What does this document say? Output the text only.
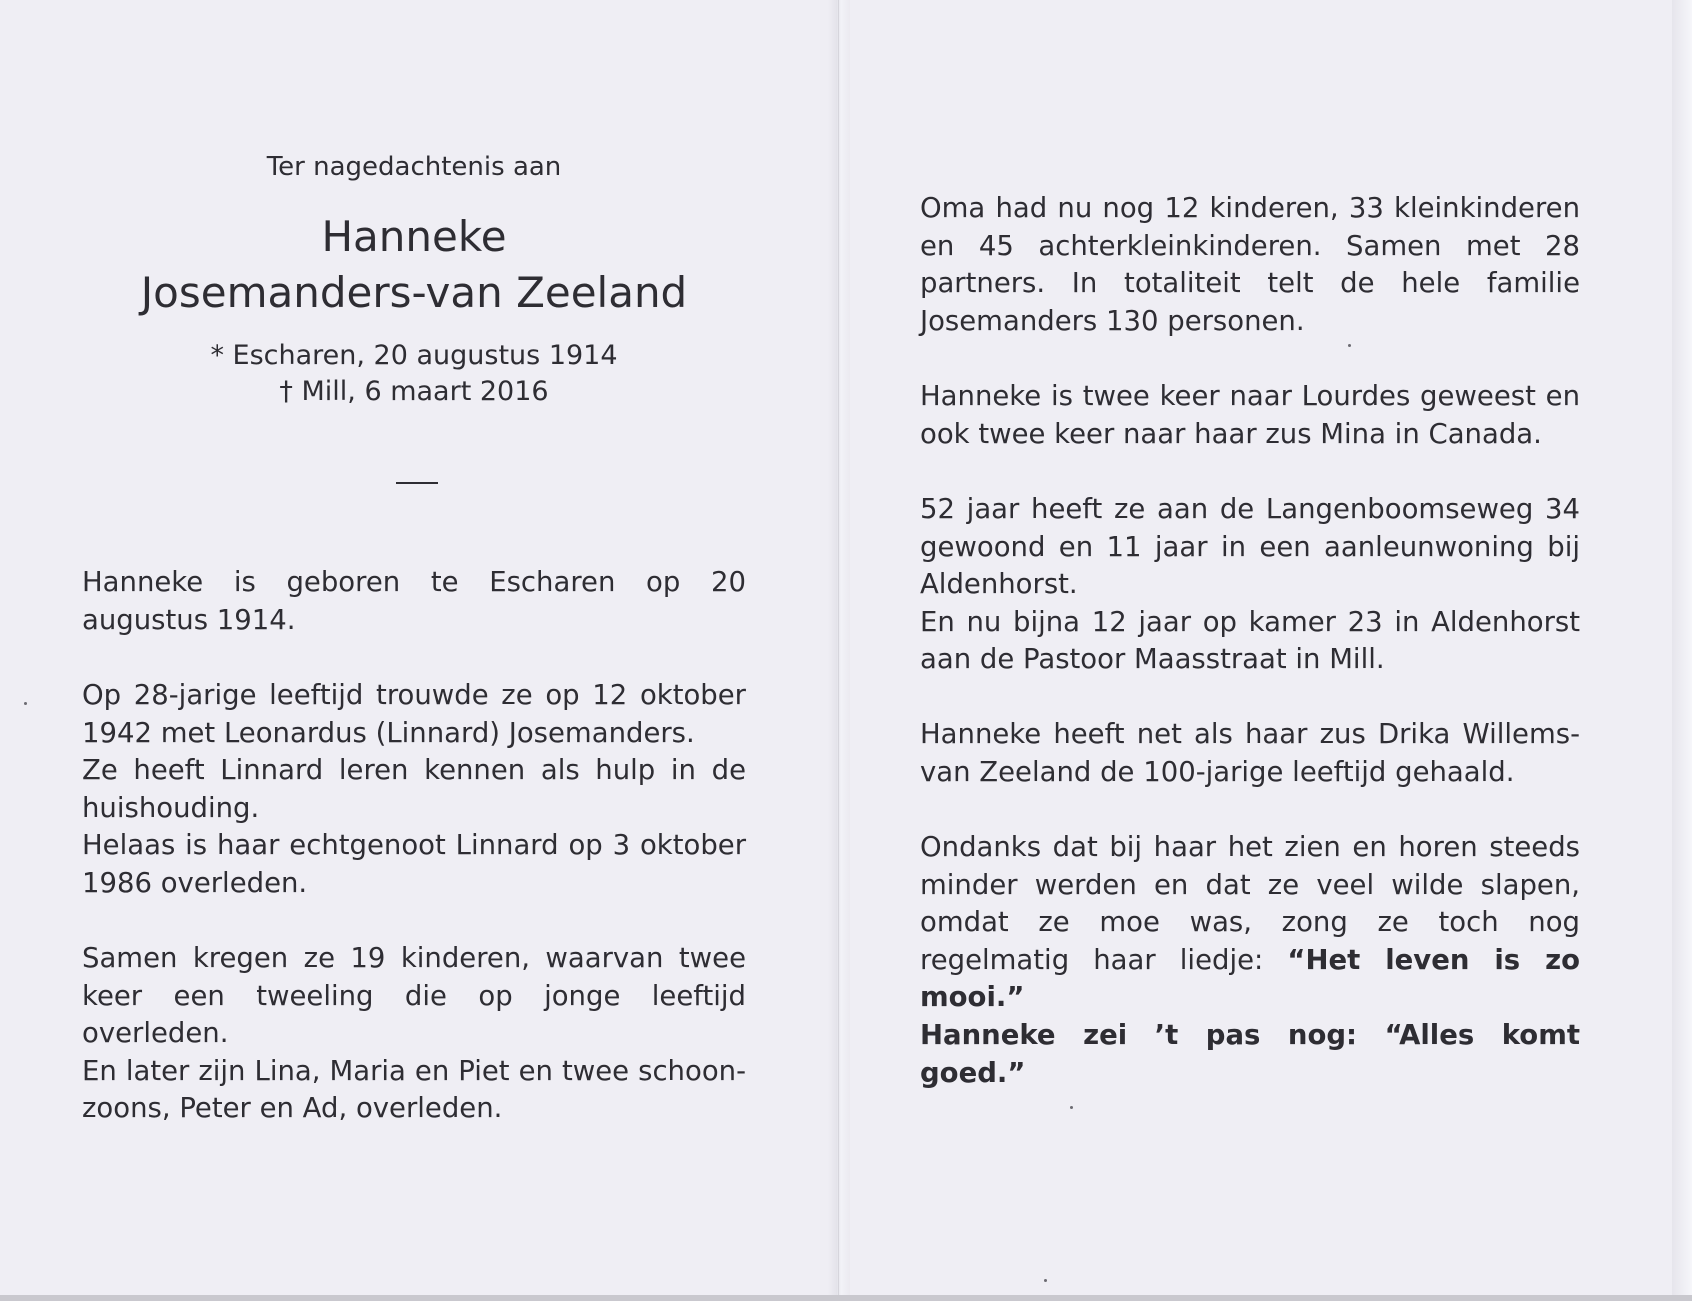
Ter nagedachtenis aan
Hanneke
Josemanders-van Zeeland
* Escharen, 20 augustus 1914
† Mill, 6 maart 2016

Hanneke is geboren te Escharen op 20 augustus 1914.

Op 28-jarige leeftijd trouwde ze op 12 oktober 1942 met Leonardus (Linnard) Josemanders.

Ze heeft Linnard leren kennen als hulp in de huishouding.

Helaas is haar echtgenoot Linnard op 3 oktober 1986 overleden.

Samen kregen ze 19 kinderen, waarvan twee keer een tweeling die op jonge leeftijd overleden.

En later zijn Lina, Maria en Piet en twee schoon-zoons, Peter en Ad, overleden.

Oma had nu nog 12 kinderen, 33 kleinkinderen en 45 achterkleinkinderen. Samen met 28 partners. In totaliteit telt de hele familie Josemanders 130 personen.

Hanneke is twee keer naar Lourdes geweest en ook twee keer naar haar zus Mina in Canada.

52 jaar heeft ze aan de Langenboomseweg 34 gewoond en 11 jaar in een aanleunwoning bij Aldenhorst.

En nu bijna 12 jaar op kamer 23 in Aldenhorst aan de Pastoor Maasstraat in Mill.

Hanneke heeft net als haar zus Drika Willems-van Zeeland de 100-jarige leeftijd gehaald.

Ondanks dat bij haar het zien en horen steeds minder werden en dat ze veel wilde slapen, omdat ze moe was, zong ze toch nog regelmatig haar liedje: “Het leven is zo mooi.”

Hanneke zei ’t pas nog: “Alles komt goed.”
